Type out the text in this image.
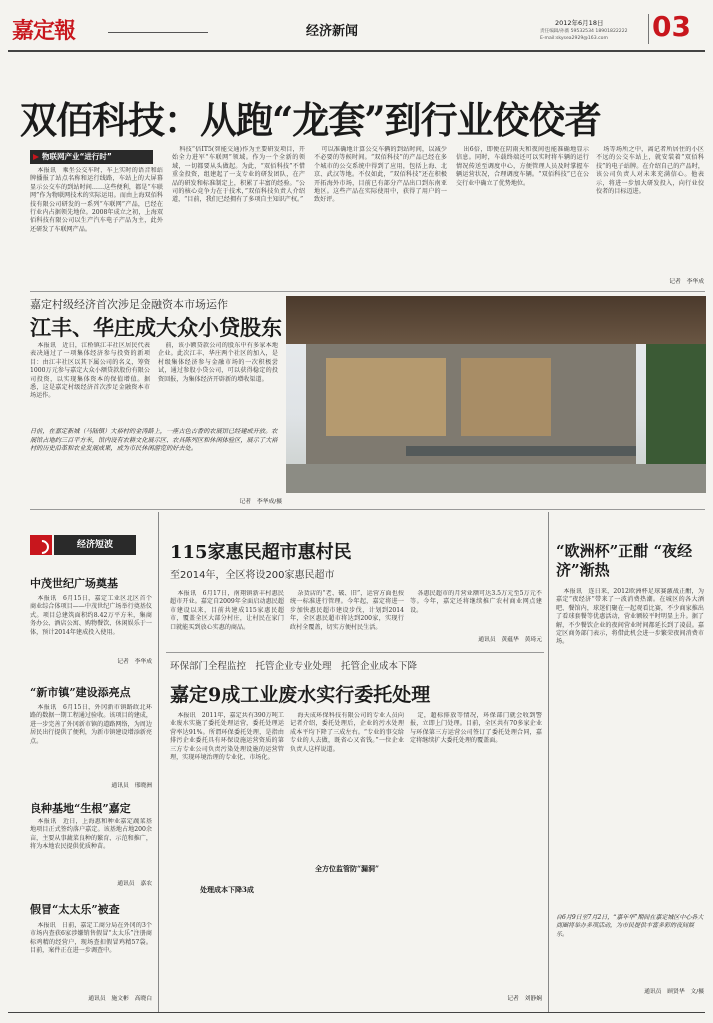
嘉定報	经济新闻
2012年6月18日
责任编辑/孙薇 59532534 18901822222
E-mail:skysea2929@163.com 03
双佰科技：从跑“龙套”到行业佼佼者
物联网产业“进行时”

本报讯　乘坐公交车时，车上实时的语音和站牌播报了站点名称和运行线路，车站上的大屏幕显示公交车的到站时间……这些便利，都是“车联网”作为物联网技术的实际运用。而由上海双佰科技有限公司研发的一系列“车联网”产品，已经在行业内占据领先地位。2008年成立之初，上海双佰科技有限公司以生产汽车电子产品为主，此外还研发了车联网产品。

科技“倍IT5(智能交通)作为主要研发项目，开始全力进军“车联网”领域。作为一个全新的领域，一切都要从头做起。为此，“双佰科技”不惜重金投资，组建起了一支专业的研发团队，在产品的研发和标准制定上，积累了丰富的经验。“公司的核心竞争力在于技术，”双佰科技负责人介绍道，“目前，我们已经拥有了多项自主知识产权。”

可以准确地计算公交车辆的到站时间，以减少不必要的等候时间。“双佰科技”的产品已经在多个城市的公交系统中得到了应用，包括上海、北京、武汉等地。不仅如此，“双佰科技”还在积极开拓海外市场，目前已有部分产品出口到东南亚地区。这些产品在实际使用中，获得了用户的一致好评。

出6倍，即便在阴雨天和夜间也能准确地显示信息。同时，车载终端还可以实时将车辆的运行情况传送至调度中心，方便管理人员及时掌握车辆运营状况，合理调度车辆。“双佰科技”已在公交行业中确立了优势地位。

场等场所之中，离记者所居住的小区不远的公交车站上，就安装着“双佰科技”的电子站牌。在介绍自己的产品时，该公司负责人对未来充满信心。他表示，将进一步加大研发投入，向行业佼佼者的目标迈进。

记者　李华成
嘉定村级经济首次涉足金融资本市场运作
江丰、华庄成大众小贷股东

本报讯　近日，江桥镇江丰社区居民代表表决通过了一项集体经济参与投资的新项目：由江丰社区以其下属公司的名义，筹资1000万元参与嘉定大众小额贷款股份有限公司投资，以实现集体资本的保值增值。据悉，这是嘉定村级经济首次涉足金融资本市场运作。

前，该小额贷款公司的股东中有多家本地企业。此次江丰、华庄两个社区的加入，是村级集体经济参与金融市场的一次积极尝试，通过参股小贷公司，可以获得稳定的投资回报，为集体经济开辟新的增收渠道。

日前，在嘉定新城（马陆镇）大裕村的金涛路上，一座古色古香的农展馆已经建成开放。农展馆占地约三百平方米，馆内设有农耕文化展示区、农具陈列区和休闲体验区，展示了大裕村的历史沿革和农业发展成果，成为市民休闲游览的好去处。
记者　李华成/摄
经济短波
中茂世纪广场奠基

本报讯　6月15日，嘉定工业区北区首个商业综合体项目——中茂世纪广场举行奠基仪式。项目总建筑面积约8.42万平方米，集商务办公、酒店公寓、购物餐饮、休闲娱乐于一体，预计2014年建成投入使用。

记者　李华成
“新市镇”建设添亮点

本报讯　6月15日，外冈新市镇路政北环路的数据一期工程通过验收。该项目的建成，进一步完善了外冈新市镇的道路网络，为周边居民出行提供了便利，为新市镇建设增添新亮点。

通讯员　邢晓洲
良种基地“生根”嘉定

本报讯　近日，上海惠和种业嘉定蔬菜基地项目正式签约落户嘉定。该基地占地200余亩，主要从事蔬菜良种的繁育、示范和推广，将为本地农民提供优质种苗。

通讯员　嘉农
假冒“太太乐”被查

本报讯　日前，嘉定工商分局在外冈的3个市场内查获6家涉嫌销售假冒“太太乐”注册商标鸡精的经营户，现场查扣假冒鸡精57袋。目前，案件正在进一步调查中。

通讯员　施文彬　高晓白
115家惠民超市惠村民
至2014年，全区将设200家惠民超市

本报讯　6月17日，南翔镇新丰村惠民超市开业。嘉定自2009年全面启动惠民超市建设以来，目前共建成115家惠民超市，覆盖全区大部分村庄，让村民在家门口就能买到放心实惠的商品。

杂货店的“老、破、旧”，运营方面也按统一标准进行管理。今年起，嘉定将进一步加快惠民超市建设步伐，计划到2014年，全区惠民超市将达到200家，实现行政村全覆盖，切实方便村民生活。

各惠民超市的月营业额可达3.5万元至5万元不等。今年，嘉定还将继续推广农村商业网点建设。

通讯员　黄蕴华　黄琦元
环保部门全程监控　托管企业专业处理　托管企业成本下降
嘉定9成工业废水实行委托处理

本报讯　2011年，嘉定共有390万吨工业废水实施了委托处理运营，委托处理运营率达91%。所谓环保委托处理，是指由排污企业委托具有环保设施运营资质的第三方专业公司负责污染处理设施的运营管理，实现环境治理的专业化、市场化。

处理成本下降3成

海天成环保科技有限公司的专业人员向记者介绍，委托处理后，企业的污水处理成本平均下降了三成左右。“专业的事交给专业的人去做，既省心又省钱。”一位企业负责人这样说道。

全方位监管防“漏洞”

定，超标排放等情况，环保部门就会收到警报，立即上门处理。目前，全区共有70多家企业与环保第三方运营公司签订了委托处理合同，嘉定将继续扩大委托处理的覆盖面。

记者　刘静娴
“欧洲杯”正酣 “夜经济”渐热

本报讯　连日来，2012欧洲杯足球赛激战正酣，为嘉定“夜经济”带来了一波消费热潮。在城区的各大酒吧、餐馆内，球迷们聚在一起观看比赛，不少商家推出了看球套餐等优惠活动，营业额较平时明显上升。据了解，不少餐饮企业的夜间营业时间都延长到了凌晨。嘉定区商务部门表示，将借此机会进一步繁荣夜间消费市场。

自6月9日至7月2日，“嘉年华”期间在嘉定城区中心各大商圈将举办多项活动，为市民提供丰富多彩的夜间娱乐。
通讯员　顾贤华　文/摄
